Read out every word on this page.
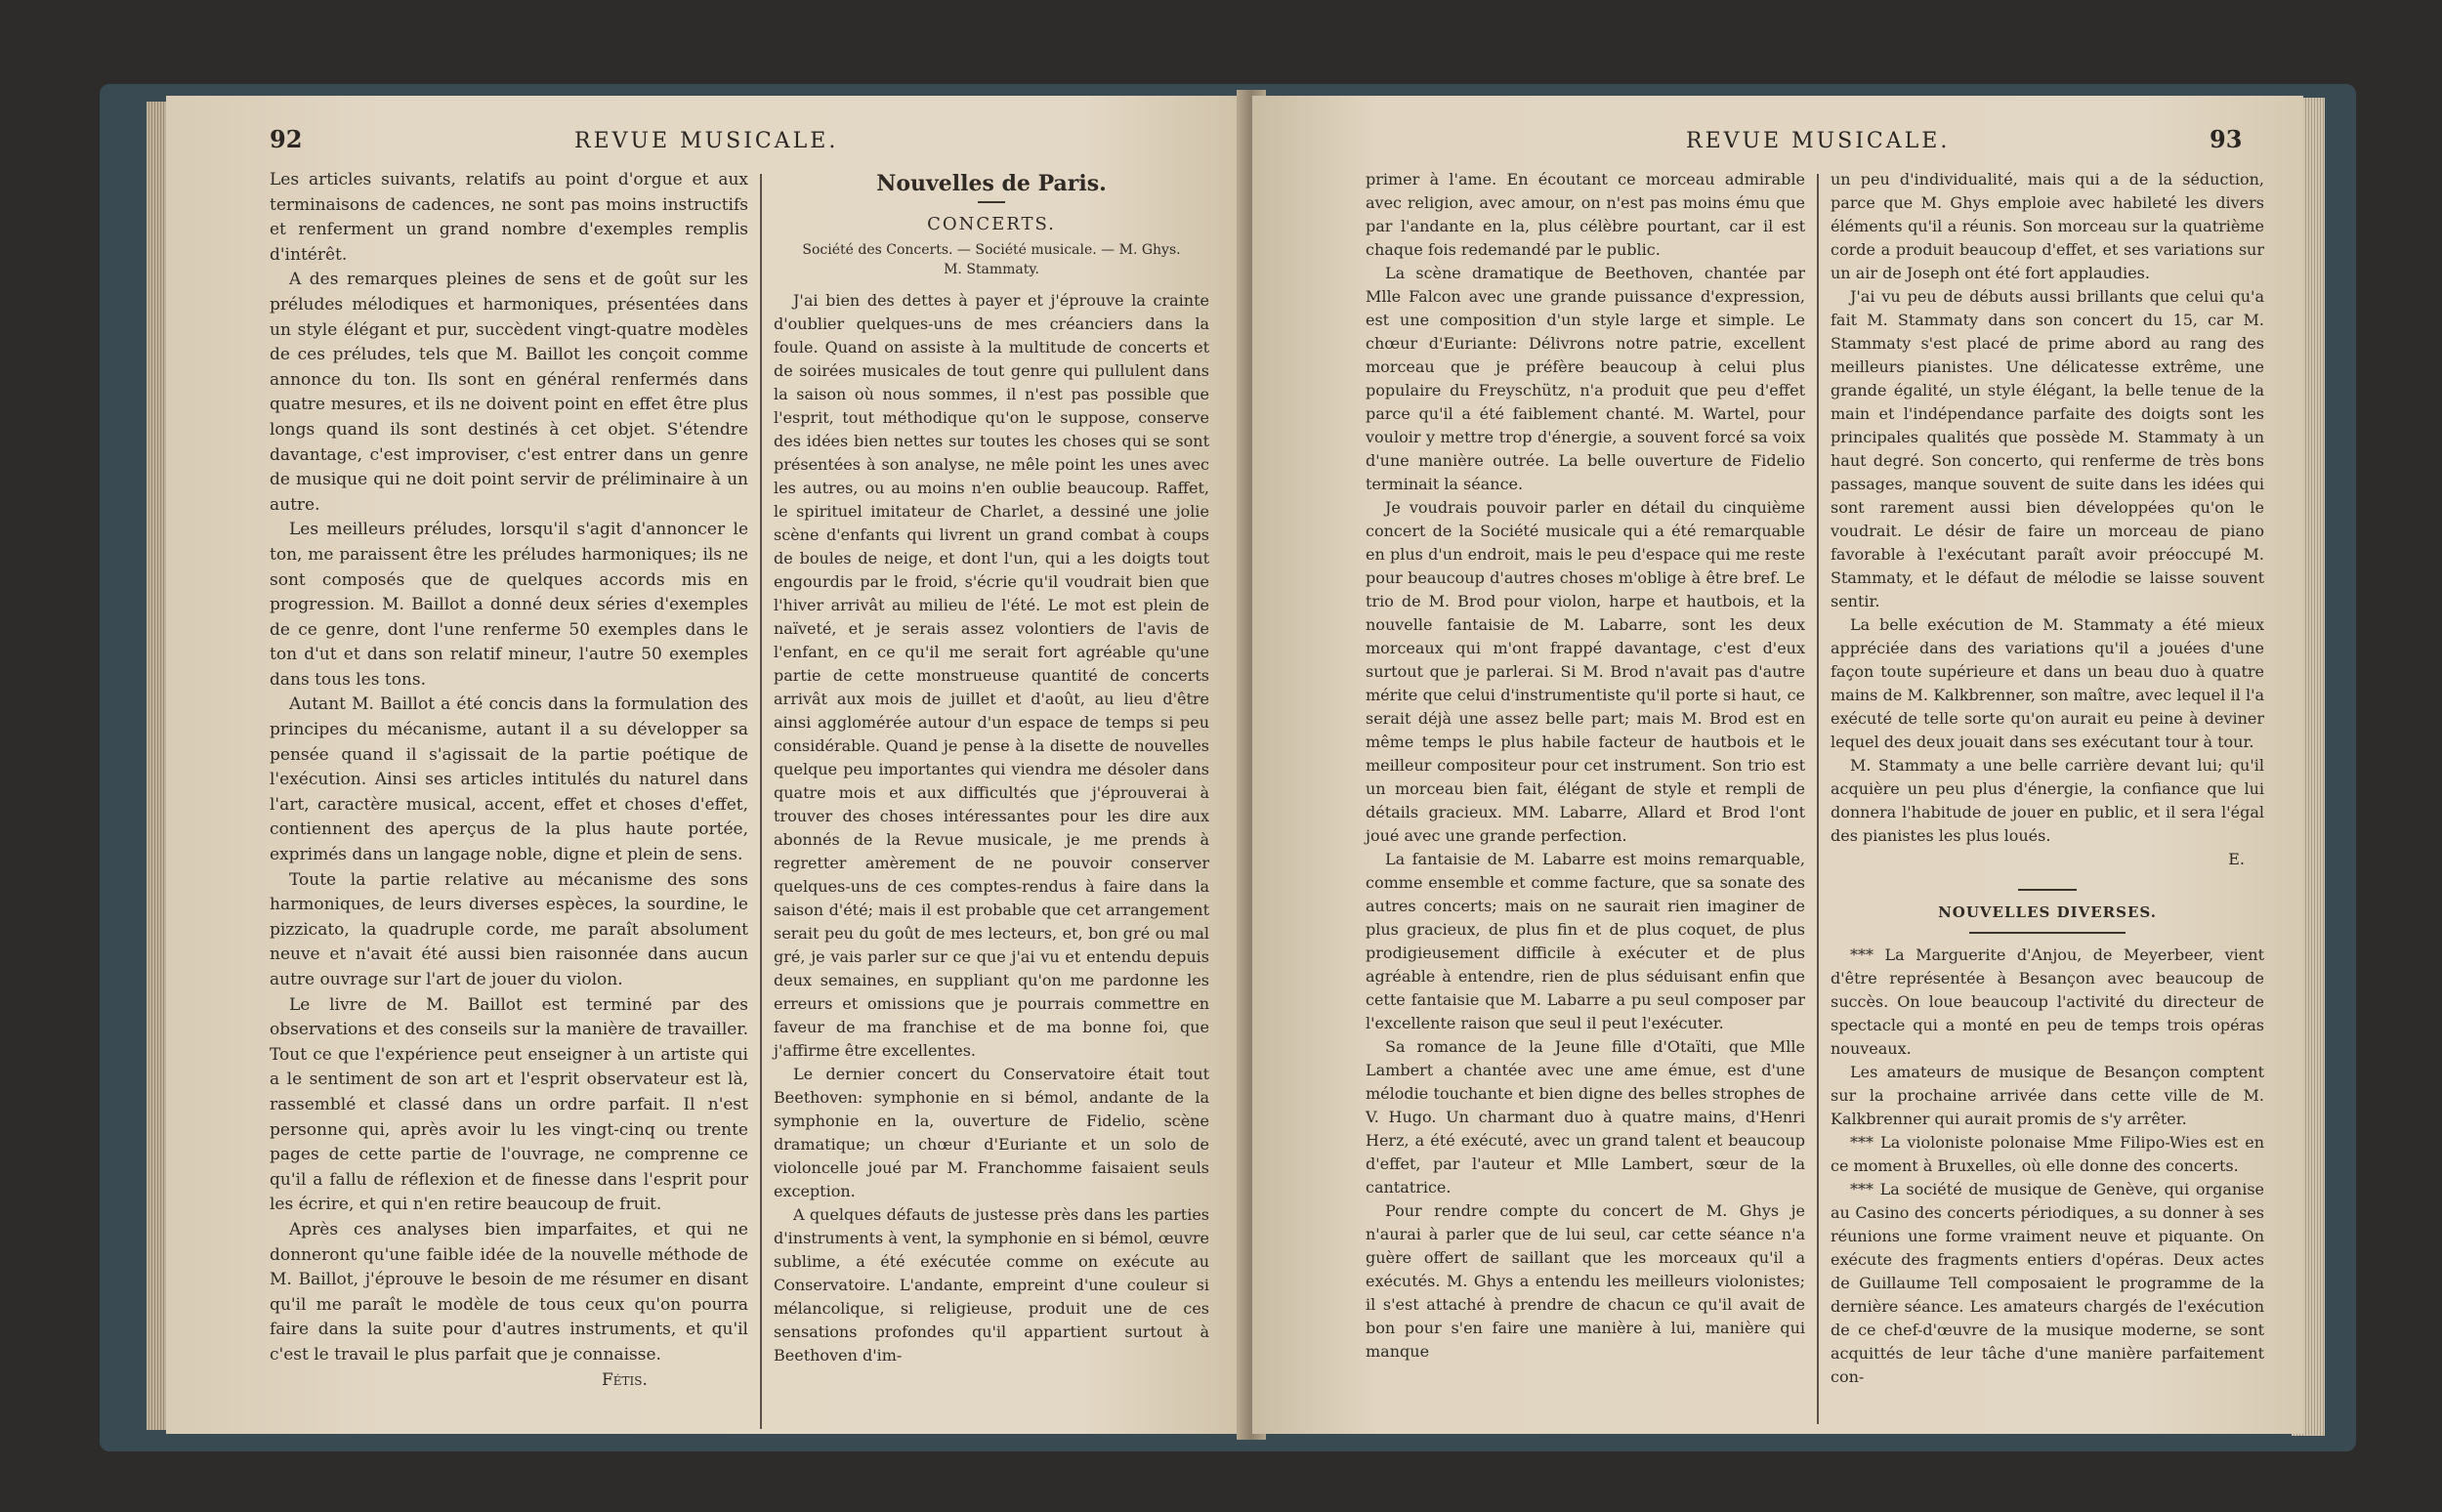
92	REVUE MUSICALE.

Les articles suivants, relatifs au point d'orgue et aux terminaisons de cadences, ne sont pas moins instructifs et renferment un grand nombre d'exemples remplis d'intérêt.

A des remarques pleines de sens et de goût sur les préludes mélodiques et harmoniques, présentées dans un style élégant et pur, succèdent vingt-quatre modèles de ces préludes, tels que M. Baillot les conçoit comme annonce du ton. Ils sont en général renfermés dans quatre mesures, et ils ne doivent point en effet être plus longs quand ils sont destinés à cet objet. S'étendre davantage, c'est improviser, c'est entrer dans un genre de musique qui ne doit point servir de préliminaire à un autre.

Les meilleurs préludes, lorsqu'il s'agit d'annoncer le ton, me paraissent être les préludes harmoniques; ils ne sont composés que de quelques accords mis en progression. M. Baillot a donné deux séries d'exemples de ce genre, dont l'une renferme 50 exemples dans le ton d'ut et dans son relatif mineur, l'autre 50 exemples dans tous les tons.

Autant M. Baillot a été concis dans la formulation des principes du mécanisme, autant il a su développer sa pensée quand il s'agissait de la partie poétique de l'exécution. Ainsi ses articles intitulés du naturel dans l'art, caractère musical, accent, effet et choses d'effet, contiennent des aperçus de la plus haute portée, exprimés dans un langage noble, digne et plein de sens.

Toute la partie relative au mécanisme des sons harmoniques, de leurs diverses espèces, la sourdine, le pizzicato, la quadruple corde, me paraît absolument neuve et n'avait été aussi bien raisonnée dans aucun autre ouvrage sur l'art de jouer du violon.

Le livre de M. Baillot est terminé par des observations et des conseils sur la manière de travailler. Tout ce que l'expérience peut enseigner à un artiste qui a le sentiment de son art et l'esprit observateur est là, rassemblé et classé dans un ordre parfait. Il n'est personne qui, après avoir lu les vingt-cinq ou trente pages de cette partie de l'ouvrage, ne comprenne ce qu'il a fallu de réflexion et de finesse dans l'esprit pour les écrire, et qui n'en retire beaucoup de fruit.

Après ces analyses bien imparfaites, et qui ne donneront qu'une faible idée de la nouvelle méthode de M. Baillot, j'éprouve le besoin de me résumer en disant qu'il me paraît le modèle de tous ceux qu'on pourra faire dans la suite pour d'autres instruments, et qu'il c'est le travail le plus parfait que je connaisse.

Fétis.

Nouvelles de Paris.
CONCERTS.
Société des Concerts. — Société musicale. — M. Ghys.
M. Stammaty.

J'ai bien des dettes à payer et j'éprouve la crainte d'oublier quelques-uns de mes créanciers dans la foule. Quand on assiste à la multitude de concerts et de soirées musicales de tout genre qui pullulent dans la saison où nous sommes, il n'est pas possible que l'esprit, tout méthodique qu'on le suppose, conserve des idées bien nettes sur toutes les choses qui se sont présentées à son analyse, ne mêle point les unes avec les autres, ou au moins n'en oublie beaucoup. Raffet, le spirituel imitateur de Charlet, a dessiné une jolie scène d'enfants qui livrent un grand combat à coups de boules de neige, et dont l'un, qui a les doigts tout engourdis par le froid, s'écrie qu'il voudrait bien que l'hiver arrivât au milieu de l'été. Le mot est plein de naïveté, et je serais assez volontiers de l'avis de l'enfant, en ce qu'il me serait fort agréable qu'une partie de cette monstrueuse quantité de concerts arrivât aux mois de juillet et d'août, au lieu d'être ainsi agglomérée autour d'un espace de temps si peu considérable. Quand je pense à la disette de nouvelles quelque peu importantes qui viendra me désoler dans quatre mois et aux difficultés que j'éprouverai à trouver des choses intéressantes pour les dire aux abonnés de la Revue musicale, je me prends à regretter amèrement de ne pouvoir conserver quelques-uns de ces comptes-rendus à faire dans la saison d'été; mais il est probable que cet arrangement serait peu du goût de mes lecteurs, et, bon gré ou mal gré, je vais parler sur ce que j'ai vu et entendu depuis deux semaines, en suppliant qu'on me pardonne les erreurs et omissions que je pourrais commettre en faveur de ma franchise et de ma bonne foi, que j'affirme être excellentes.

Le dernier concert du Conservatoire était tout Beethoven: symphonie en si bémol, andante de la symphonie en la, ouverture de Fidelio, scène dramatique; un chœur d'Euriante et un solo de violoncelle joué par M. Franchomme faisaient seuls exception.

A quelques défauts de justesse près dans les parties d'instruments à vent, la symphonie en si bémol, œuvre sublime, a été exécutée comme on exécute au Conservatoire. L'andante, empreint d'une couleur si mélancolique, si religieuse, produit une de ces sensations profondes qu'il appartient surtout à Beethoven d'im-

REVUE MUSICALE.	93

primer à l'ame. En écoutant ce morceau admirable avec religion, avec amour, on n'est pas moins ému que par l'andante en la, plus célèbre pourtant, car il est chaque fois redemandé par le public.

La scène dramatique de Beethoven, chantée par Mlle Falcon avec une grande puissance d'expression, est une composition d'un style large et simple. Le chœur d'Euriante: Délivrons notre patrie, excellent morceau que je préfère beaucoup à celui plus populaire du Freyschütz, n'a produit que peu d'effet parce qu'il a été faiblement chanté. M. Wartel, pour vouloir y mettre trop d'énergie, a souvent forcé sa voix d'une manière outrée. La belle ouverture de Fidelio terminait la séance.

Je voudrais pouvoir parler en détail du cinquième concert de la Société musicale qui a été remarquable en plus d'un endroit, mais le peu d'espace qui me reste pour beaucoup d'autres choses m'oblige à être bref. Le trio de M. Brod pour violon, harpe et hautbois, et la nouvelle fantaisie de M. Labarre, sont les deux morceaux qui m'ont frappé davantage, c'est d'eux surtout que je parlerai. Si M. Brod n'avait pas d'autre mérite que celui d'instrumentiste qu'il porte si haut, ce serait déjà une assez belle part; mais M. Brod est en même temps le plus habile facteur de hautbois et le meilleur compositeur pour cet instrument. Son trio est un morceau bien fait, élégant de style et rempli de détails gracieux. MM. Labarre, Allard et Brod l'ont joué avec une grande perfection.

La fantaisie de M. Labarre est moins remarquable, comme ensemble et comme facture, que sa sonate des autres concerts; mais on ne saurait rien imaginer de plus gracieux, de plus fin et de plus coquet, de plus prodigieusement difficile à exécuter et de plus agréable à entendre, rien de plus séduisant enfin que cette fantaisie que M. Labarre a pu seul composer par l'excellente raison que seul il peut l'exécuter.

Sa romance de la Jeune fille d'Otaïti, que Mlle Lambert a chantée avec une ame émue, est d'une mélodie touchante et bien digne des belles strophes de V. Hugo. Un charmant duo à quatre mains, d'Henri Herz, a été exécuté, avec un grand talent et beaucoup d'effet, par l'auteur et Mlle Lambert, sœur de la cantatrice.

Pour rendre compte du concert de M. Ghys je n'aurai à parler que de lui seul, car cette séance n'a guère offert de saillant que les morceaux qu'il a exécutés. M. Ghys a entendu les meilleurs violonistes; il s'est attaché à prendre de chacun ce qu'il avait de bon pour s'en faire une manière à lui, manière qui manque

un peu d'individualité, mais qui a de la séduction, parce que M. Ghys emploie avec habileté les divers éléments qu'il a réunis. Son morceau sur la quatrième corde a produit beaucoup d'effet, et ses variations sur un air de Joseph ont été fort applaudies.

J'ai vu peu de débuts aussi brillants que celui qu'a fait M. Stammaty dans son concert du 15, car M. Stammaty s'est placé de prime abord au rang des meilleurs pianistes. Une délicatesse extrême, une grande égalité, un style élégant, la belle tenue de la main et l'indépendance parfaite des doigts sont les principales qualités que possède M. Stammaty à un haut degré. Son concerto, qui renferme de très bons passages, manque souvent de suite dans les idées qui sont rarement aussi bien développées qu'on le voudrait. Le désir de faire un morceau de piano favorable à l'exécutant paraît avoir préoccupé M. Stammaty, et le défaut de mélodie se laisse souvent sentir.

La belle exécution de M. Stammaty a été mieux appréciée dans des variations qu'il a jouées d'une façon toute supérieure et dans un beau duo à quatre mains de M. Kalkbrenner, son maître, avec lequel il l'a exécuté de telle sorte qu'on aurait eu peine à deviner lequel des deux jouait dans ses exécutant tour à tour.

M. Stammaty a une belle carrière devant lui; qu'il acquière un peu plus d'énergie, la confiance que lui donnera l'habitude de jouer en public, et il sera l'égal des pianistes les plus loués.

E.

NOUVELLES DIVERSES.

*** La Marguerite d'Anjou, de Meyerbeer, vient d'être représentée à Besançon avec beaucoup de succès. On loue beaucoup l'activité du directeur de spectacle qui a monté en peu de temps trois opéras nouveaux.

Les amateurs de musique de Besançon comptent sur la prochaine arrivée dans cette ville de M. Kalkbrenner qui aurait promis de s'y arrêter.

*** La violoniste polonaise Mme Filipo-Wies est en ce moment à Bruxelles, où elle donne des concerts.

*** La société de musique de Genève, qui organise au Casino des concerts périodiques, a su donner à ses réunions une forme vraiment neuve et piquante. On exécute des fragments entiers d'opéras. Deux actes de Guillaume Tell composaient le programme de la dernière séance. Les amateurs chargés de l'exécution de ce chef-d'œuvre de la musique moderne, se sont acquittés de leur tâche d'une manière parfaitement con-
